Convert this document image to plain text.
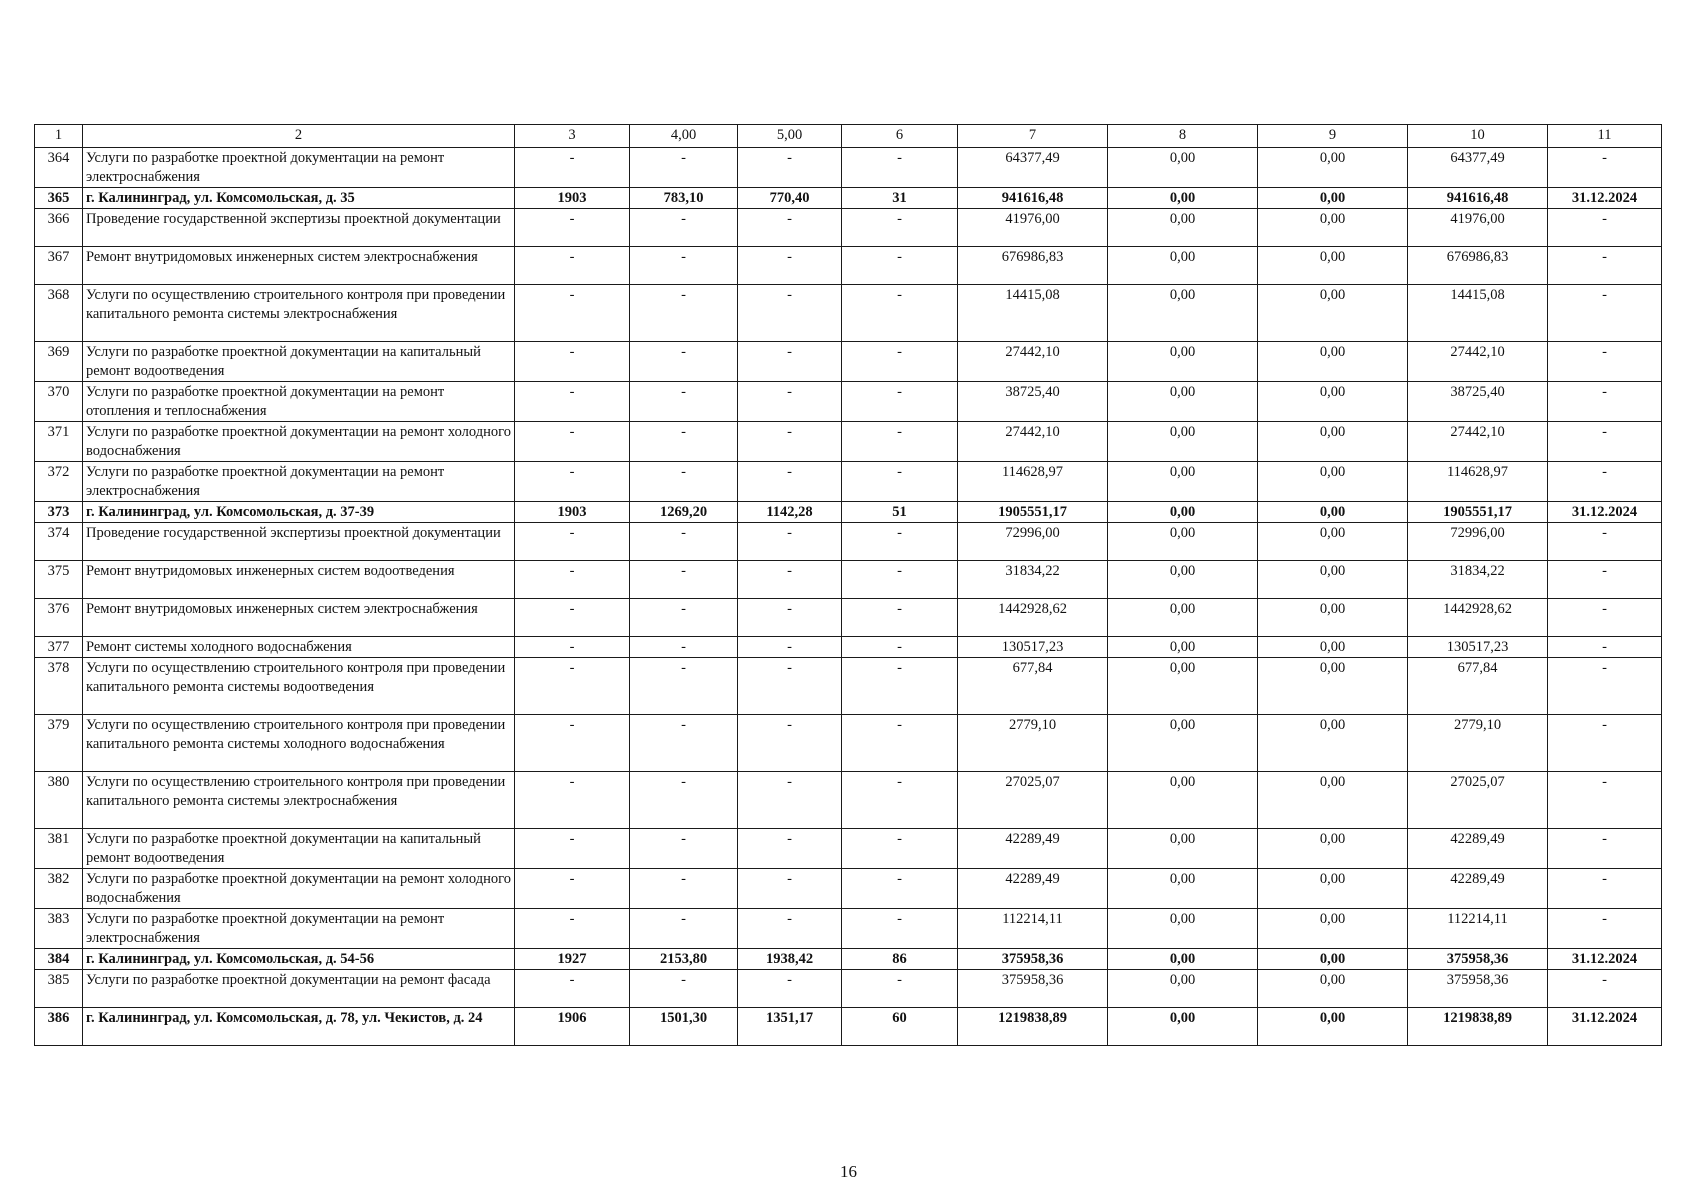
1	2	3	4,00	5,00	6	7	8	9	10	11
364	Услуги по разработке проектной документации на ремонт электроснабжения	-	-	-	-	64377,49	0,00	0,00	64377,49	-
365	г. Калининград, ул. Комсомольская, д. 35	1903	783,10	770,40	31	941616,48	0,00	0,00	941616,48	31.12.2024
366	Проведение государственной экспертизы проектной документации	-	-	-	-	41976,00	0,00	0,00	41976,00	-
367	Ремонт внутридомовых инженерных систем электроснабжения	-	-	-	-	676986,83	0,00	0,00	676986,83	-
368	Услуги по осуществлению строительного контроля при проведении капитального ремонта системы электроснабжения	-	-	-	-	14415,08	0,00	0,00	14415,08	-
369	Услуги по разработке проектной документации на капитальный ремонт водоотведения	-	-	-	-	27442,10	0,00	0,00	27442,10	-
370	Услуги по разработке проектной документации на ремонт отопления и теплоснабжения	-	-	-	-	38725,40	0,00	0,00	38725,40	-
371	Услуги по разработке проектной документации на ремонт холодного водоснабжения	-	-	-	-	27442,10	0,00	0,00	27442,10	-
372	Услуги по разработке проектной документации на ремонт электроснабжения	-	-	-	-	114628,97	0,00	0,00	114628,97	-
373	г. Калининград, ул. Комсомольская, д. 37-39	1903	1269,20	1142,28	51	1905551,17	0,00	0,00	1905551,17	31.12.2024
374	Проведение государственной экспертизы проектной документации	-	-	-	-	72996,00	0,00	0,00	72996,00	-
375	Ремонт внутридомовых инженерных систем водоотведения	-	-	-	-	31834,22	0,00	0,00	31834,22	-
376	Ремонт внутридомовых инженерных систем электроснабжения	-	-	-	-	1442928,62	0,00	0,00	1442928,62	-
377	Ремонт системы холодного водоснабжения	-	-	-	-	130517,23	0,00	0,00	130517,23	-
378	Услуги по осуществлению строительного контроля при проведении капитального ремонта системы водоотведения	-	-	-	-	677,84	0,00	0,00	677,84	-
379	Услуги по осуществлению строительного контроля при проведении капитального ремонта системы холодного водоснабжения	-	-	-	-	2779,10	0,00	0,00	2779,10	-
380	Услуги по осуществлению строительного контроля при проведении капитального ремонта системы электроснабжения	-	-	-	-	27025,07	0,00	0,00	27025,07	-
381	Услуги по разработке проектной документации на капитальный ремонт водоотведения	-	-	-	-	42289,49	0,00	0,00	42289,49	-
382	Услуги по разработке проектной документации на ремонт холодного водоснабжения	-	-	-	-	42289,49	0,00	0,00	42289,49	-
383	Услуги по разработке проектной документации на ремонт электроснабжения	-	-	-	-	112214,11	0,00	0,00	112214,11	-
384	г. Калининград, ул. Комсомольская, д. 54-56	1927	2153,80	1938,42	86	375958,36	0,00	0,00	375958,36	31.12.2024
385	Услуги по разработке проектной документации на ремонт фасада	-	-	-	-	375958,36	0,00	0,00	375958,36	-
386	г. Калининград, ул. Комсомольская, д. 78, ул. Чекистов, д. 24	1906	1501,30	1351,17	60	1219838,89	0,00	0,00	1219838,89	31.12.2024
16
